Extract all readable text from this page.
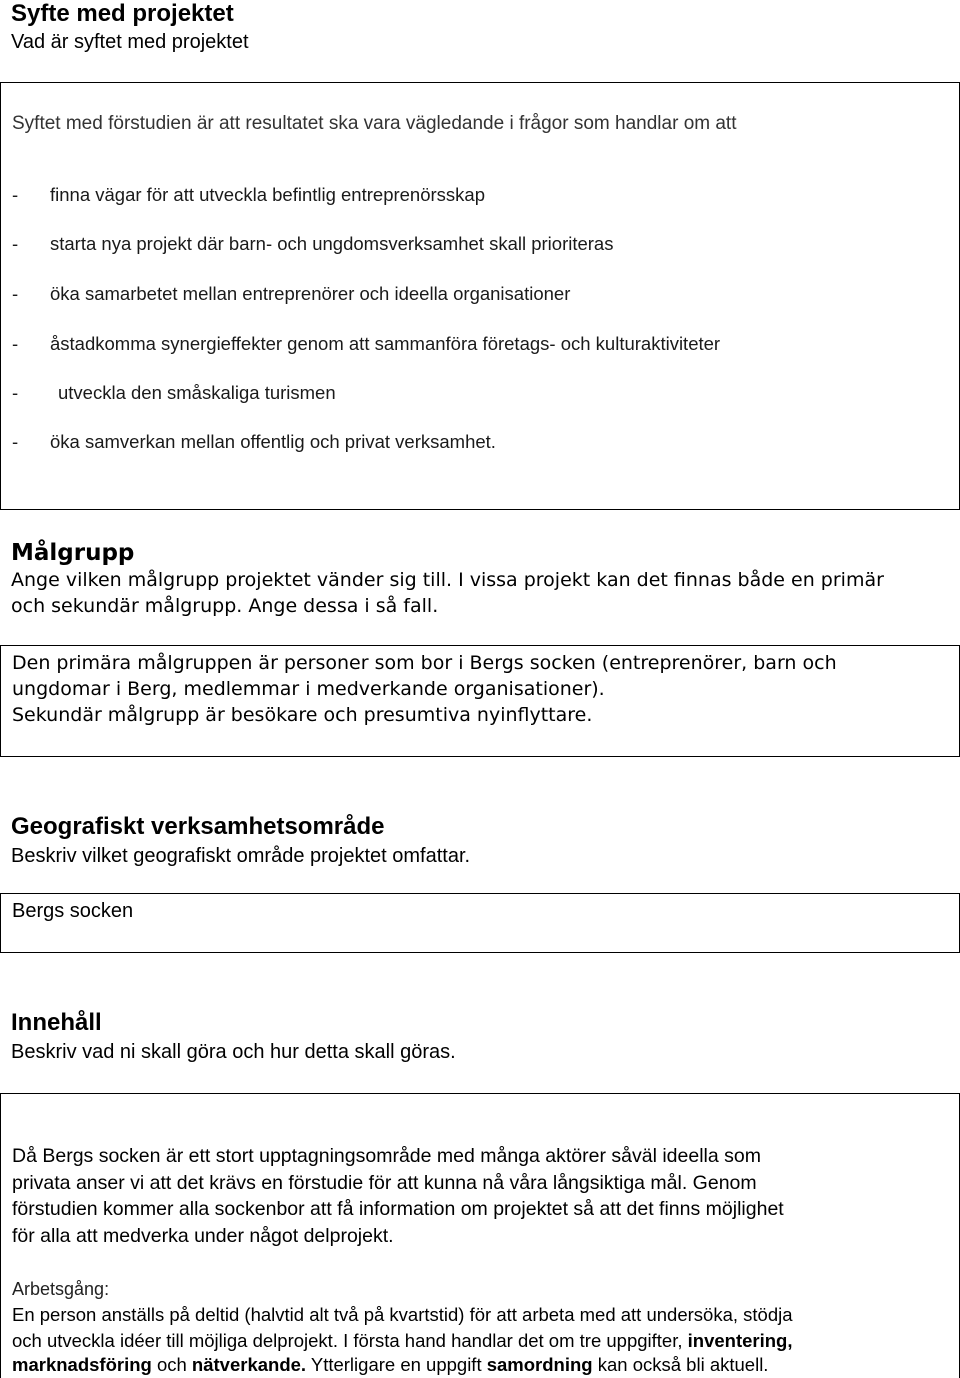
Syfte med projektet
Vad är syftet med projektet
Syftet med förstudien är att resultatet ska vara vägledande i frågor som handlar om att
- finna vägar för att utveckla befintlig entreprenörsskap
- starta nya projekt där barn- och ungdomsverksamhet skall prioriteras
- öka samarbetet mellan entreprenörer och ideella organisationer
- åstadkomma synergieffekter genom att sammanföra företags- och kulturaktiviteter
- utveckla den småskaliga turismen
- öka samverkan mellan offentlig och privat verksamhet.
Målgrupp
Ange vilken målgrupp projektet vänder sig till. I vissa projekt kan det finnas både en primär
och sekundär målgrupp. Ange dessa i så fall.
Den primära målgruppen är personer som bor i Bergs socken (entreprenörer, barn och
ungdomar i Berg, medlemmar i medverkande organisationer).
Sekundär målgrupp är besökare och presumtiva nyinflyttare.
Geografiskt verksamhetsområde
Beskriv vilket geografiskt område projektet omfattar.
Bergs socken
Innehåll
Beskriv vad ni skall göra och hur detta skall göras.
Då Bergs socken är ett stort upptagningsområde med många aktörer såväl ideella som
privata anser vi att det krävs en förstudie för att kunna nå våra långsiktiga mål. Genom
förstudien kommer alla sockenbor att få information om projektet så att det finns möjlighet
för alla att medverka under något delprojekt.
Arbetsgång:
En person anställs på deltid (halvtid alt två på kvartstid) för att arbeta med att undersöka, stödja
och utveckla idéer till möjliga delprojekt. I första hand handlar det om tre uppgifter, inventering,
marknadsföring och nätverkande. Ytterligare en uppgift samordning kan också bli aktuell.
